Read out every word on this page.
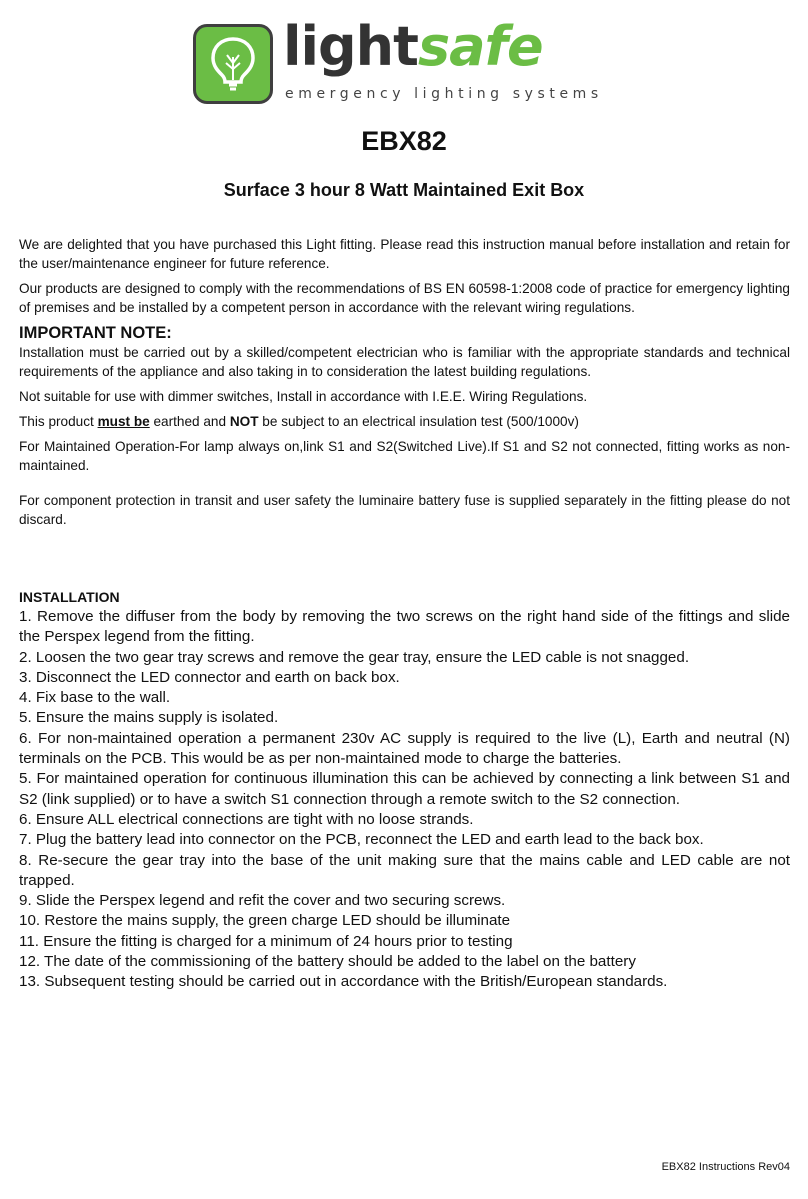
lightsafe
emergency lighting systems
EBX82
Surface 3 hour 8 Watt Maintained Exit Box

We are delighted that you have purchased this Light fitting. Please read this instruction manual before installation and retain for the user/maintenance engineer for future reference.

Our products are designed to comply with the recommendations of BS EN 60598-1:2008 code of practice for emergency lighting of premises and be installed by a competent person in accordance with the relevant wiring regulations.

IMPORTANT NOTE:

Installation must be carried out by a skilled/competent electrician who is familiar with the appropriate standards and technical requirements of the appliance and also taking in to consideration the latest building regulations.

Not suitable for use with dimmer switches, Install in accordance with I.E.E. Wiring Regulations.

This product must be earthed and NOT be subject to an electrical insulation test (500/1000v)

For Maintained Operation-For lamp always on,link S1 and S2(Switched Live).If S1 and S2 not connected, fitting works as non-maintained.

For component protection in transit and user safety the luminaire battery fuse is supplied separately in the fitting please do not discard.

INSTALLATION
1. Remove the diffuser from the body by removing the two screws on the right hand side of the fittings and slide the Perspex legend from the fitting.
2. Loosen the two gear tray screws and remove the gear tray, ensure the LED cable is not snagged.
3. Disconnect the LED connector and earth on back box.
4. Fix base to the wall.
5. Ensure the mains supply is isolated.
6. For non-maintained operation a permanent 230v AC supply is required to the live (L), Earth and neutral (N) terminals on the PCB. This would be as per non-maintained mode to charge the batteries.
5. For maintained operation for continuous illumination this can be achieved by connecting a link between S1 and S2 (link supplied) or to have a switch S1 connection through a remote switch to the S2 connection.
6. Ensure ALL electrical connections are tight with no loose strands.
7. Plug the battery lead into connector on the PCB, reconnect the LED and earth lead to the back box.
8. Re-secure the gear tray into the base of the unit making sure that the mains cable and LED cable are not trapped.
9. Slide the Perspex legend and refit the cover and two securing screws.
10. Restore the mains supply, the green charge LED should be illuminate
11. Ensure the fitting is charged for a minimum of 24 hours prior to testing
12. The date of the commissioning of the battery should be added to the label on the battery
13. Subsequent testing should be carried out in accordance with the British/European standards.
EBX82 Instructions Rev04
